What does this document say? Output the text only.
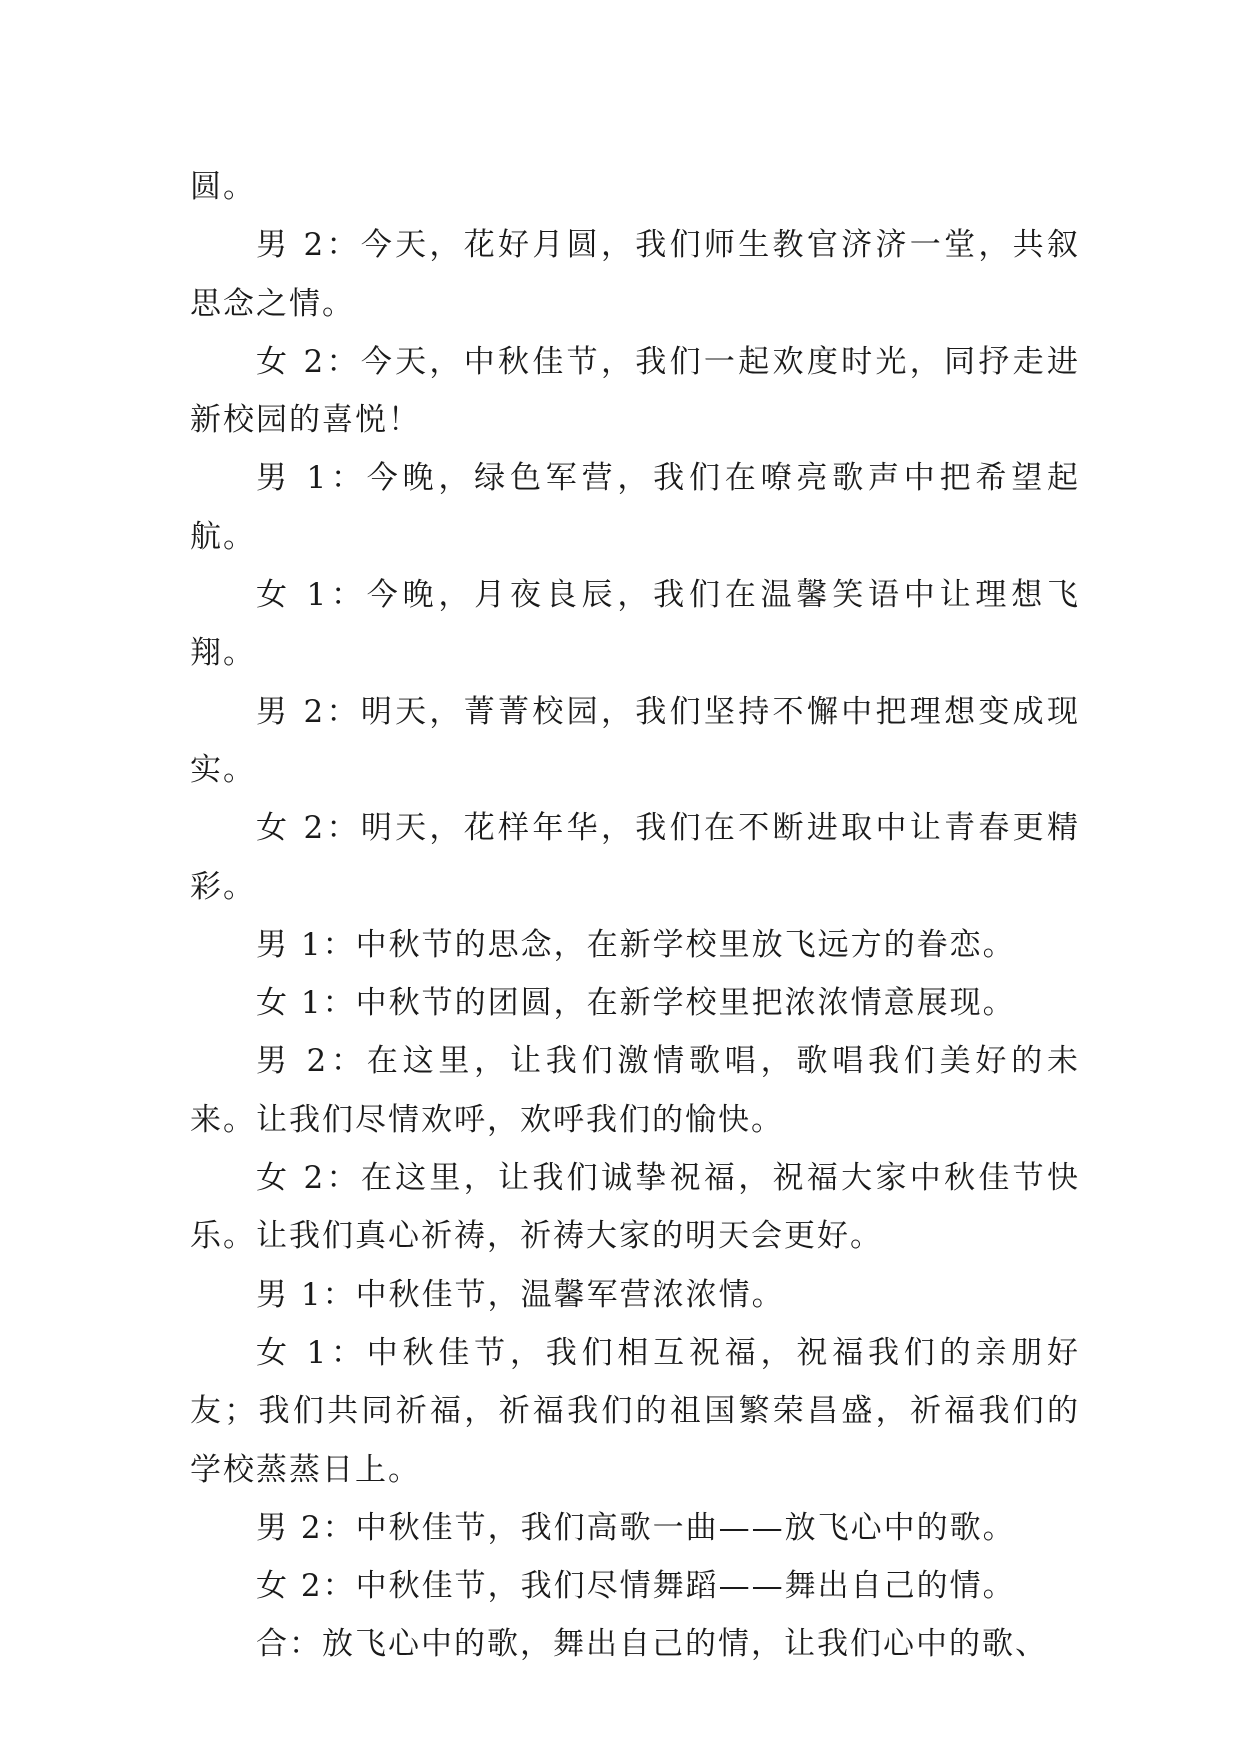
圆。

男 2：今天，花好月圆，我们师生教官济济一堂，共叙思念之情。

女 2：今天，中秋佳节，我们一起欢度时光，同抒走进新校园的喜悦！

男 1：今晚，绿色军营，我们在嘹亮歌声中把希望起航。

女 1：今晚，月夜良辰，我们在温馨笑语中让理想飞翔。

男 2：明天，菁菁校园，我们坚持不懈中把理想变成现实。

女 2：明天，花样年华，我们在不断进取中让青春更精彩。

男 1：中秋节的思念，在新学校里放飞远方的眷恋。

女 1：中秋节的团圆，在新学校里把浓浓情意展现。

男 2：在这里，让我们激情歌唱，歌唱我们美好的未来。让我们尽情欢呼，欢呼我们的愉快。

女 2：在这里，让我们诚挚祝福，祝福大家中秋佳节快乐。让我们真心祈祷，祈祷大家的明天会更好。

男 1：中秋佳节，温馨军营浓浓情。

女 1：中秋佳节，我们相互祝福，祝福我们的亲朋好友；我们共同祈福，祈福我们的祖国繁荣昌盛，祈福我们的学校蒸蒸日上。

男 2：中秋佳节，我们高歌一曲——放飞心中的歌。

女 2：中秋佳节，我们尽情舞蹈——舞出自己的情。

合：放飞心中的歌，舞出自己的情，让我们心中的歌、
